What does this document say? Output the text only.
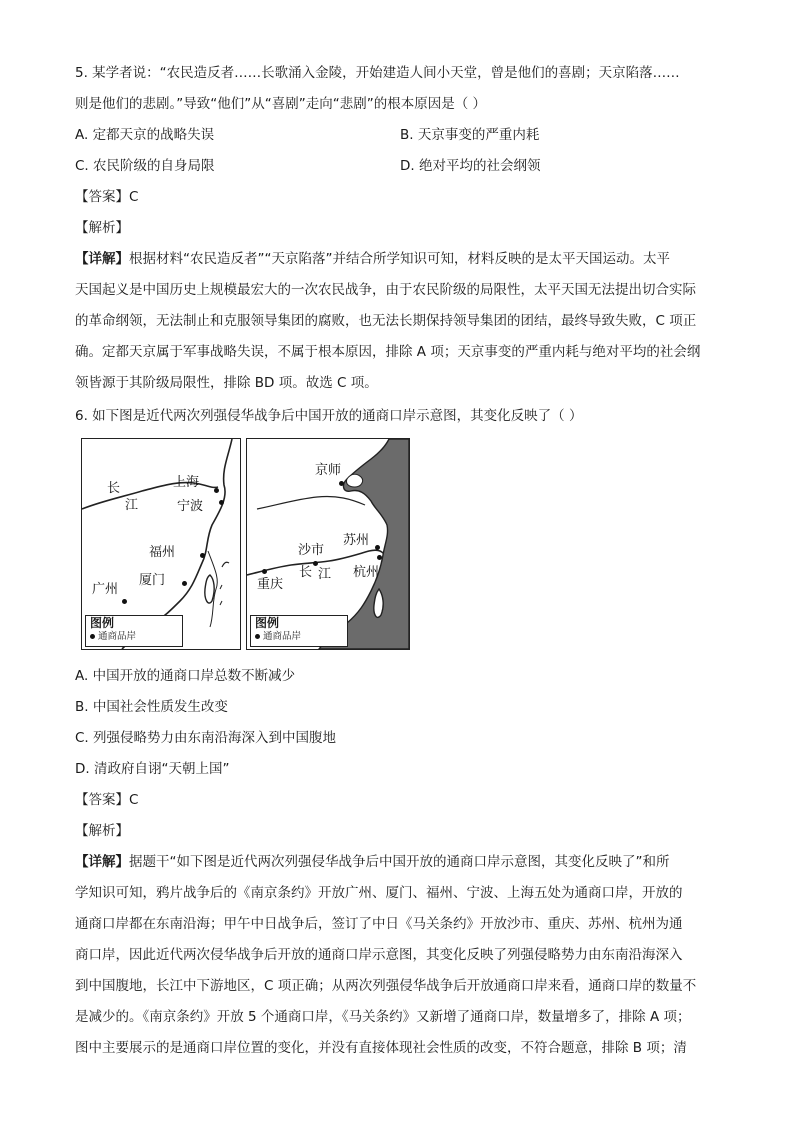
5. 某学者说：“农民造反者……长歌涌入金陵，开始建造人间小天堂，曾是他们的喜剧；天京陷落……
则是他们的悲剧。”导致“他们”从“喜剧”走向“悲剧”的根本原因是（ ）
A. 定都天京的战略失误	B. 天京事变的严重内耗
C. 农民阶级的自身局限	D. 绝对平均的社会纲领
【答案】C
【解析】
【详解】根据材料“农民造反者”“天京陷落”并结合所学知识可知，材料反映的是太平天国运动。太平
天国起义是中国历史上规模最宏大的一次农民战争，由于农民阶级的局限性，太平天国无法提出切合实际
的革命纲领，无法制止和克服领导集团的腐败，也无法长期保持领导集团的团结，最终导致失败，C 项正
确。定都天京属于军事战略失误，不属于根本原因，排除 A 项；天京事变的严重内耗与绝对平均的社会纲
领皆源于其阶级局限性，排除 BD 项。故选 C 项。
6. 如下图是近代两次列强侵华战争后中国开放的通商口岸示意图，其变化反映了（ ）
上海
宁波
福州
厦门
广州
长
江
图例
通商品岸
京师
苏州
沙市
杭州
重庆
长 江
图例
通商品岸
A. 中国开放的通商口岸总数不断减少
B. 中国社会性质发生改变
C. 列强侵略势力由东南沿海深入到中国腹地
D. 清政府自诩“天朝上国”
【答案】C
【解析】
【详解】据题干“如下图是近代两次列强侵华战争后中国开放的通商口岸示意图，其变化反映了”和所
学知识可知，鸦片战争后的《南京条约》开放广州、厦门、福州、宁波、上海五处为通商口岸，开放的
通商口岸都在东南沿海；甲午中日战争后，签订了中日《马关条约》开放沙市、重庆、苏州、杭州为通
商口岸，因此近代两次侵华战争后开放的通商口岸示意图，其变化反映了列强侵略势力由东南沿海深入
到中国腹地，长江中下游地区，C 项正确；从两次列强侵华战争后开放通商口岸来看，通商口岸的数量不
是减少的。《南京条约》开放 5 个通商口岸，《马关条约》又新增了通商口岸，数量增多了，排除 A 项；
图中主要展示的是通商口岸位置的变化，并没有直接体现社会性质的改变，不符合题意，排除 B 项；清
